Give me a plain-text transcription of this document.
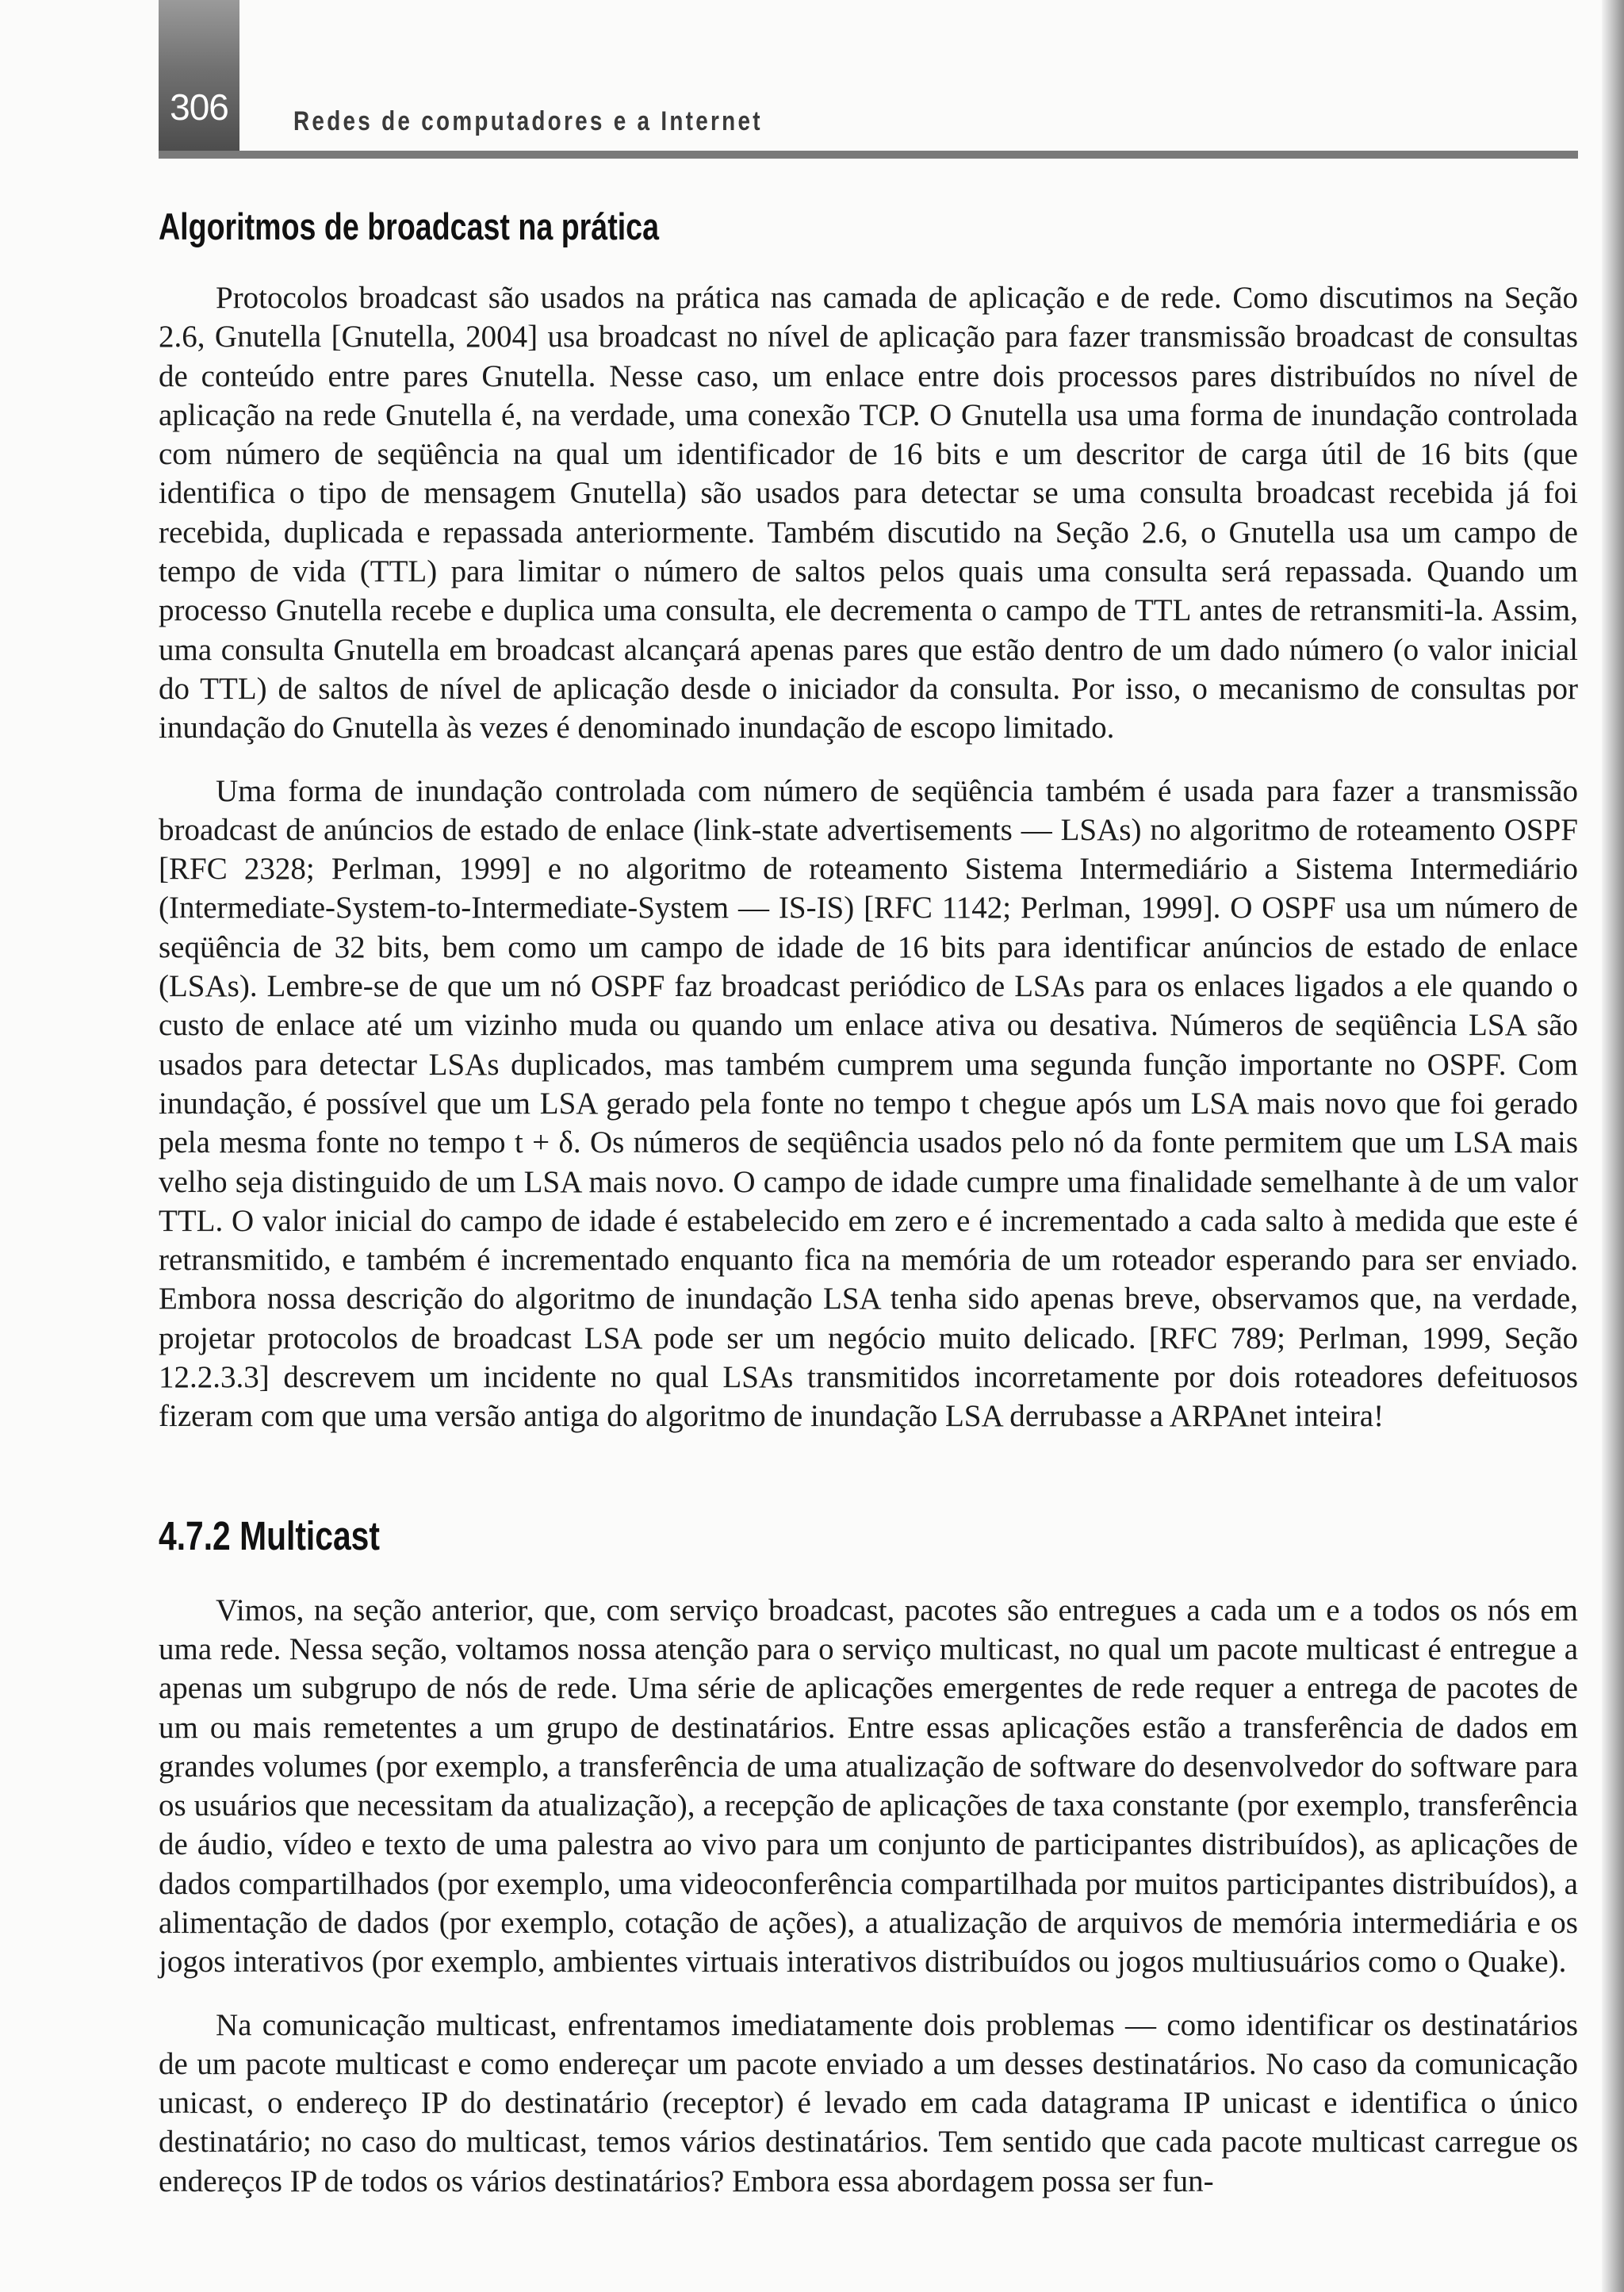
306 Redes de computadores e a Internet
Algoritmos de broadcast na prática

Protocolos broadcast são usados na prática nas camada de aplicação e de rede. Como discutimos na Seção 2.6, Gnutella [Gnutella, 2004] usa broadcast no nível de aplicação para fazer transmissão broadcast de consultas de conteúdo entre pares Gnutella. Nesse caso, um enlace entre dois processos pares distribuídos no nível de aplicação na rede Gnutella é, na verdade, uma conexão TCP. O Gnutella usa uma forma de inundação controlada com número de seqüência na qual um identificador de 16 bits e um descritor de carga útil de 16 bits (que identifica o tipo de mensagem Gnutella) são usados para detectar se uma consulta broadcast recebida já foi recebida, duplicada e repassada anteriormente. Também discutido na Seção 2.6, o Gnutella usa um campo de tempo de vida (TTL) para limitar o número de saltos pelos quais uma consulta será repassada. Quando um processo Gnutella recebe e duplica uma consulta, ele decrementa o campo de TTL antes de retransmiti-la. Assim, uma consulta Gnutella em broadcast alcançará apenas pares que estão dentro de um dado número (o valor inicial do TTL) de saltos de nível de aplicação desde o iniciador da consulta. Por isso, o mecanismo de consultas por inundação do Gnutella às vezes é denominado inundação de escopo limitado.

Uma forma de inundação controlada com número de seqüência também é usada para fazer a transmissão broadcast de anúncios de estado de enlace (link-state advertisements — LSAs) no algoritmo de roteamento OSPF [RFC 2328; Perlman, 1999] e no algoritmo de roteamento Sistema Intermediário a Sistema Intermediário (Intermediate-System-to-Intermediate-System — IS-IS) [RFC 1142; Perlman, 1999]. O OSPF usa um número de seqüência de 32 bits, bem como um campo de idade de 16 bits para identificar anúncios de estado de enlace (LSAs). Lembre-se de que um nó OSPF faz broadcast periódico de LSAs para os enlaces ligados a ele quando o custo de enlace até um vizinho muda ou quando um enlace ativa ou desativa. Números de seqüência LSA são usados para detectar LSAs duplicados, mas também cumprem uma segunda função importante no OSPF. Com inundação, é possível que um LSA gerado pela fonte no tempo t chegue após um LSA mais novo que foi gerado pela mesma fonte no tempo t + δ. Os números de seqüência usados pelo nó da fonte permitem que um LSA mais velho seja distinguido de um LSA mais novo. O campo de idade cumpre uma finalidade semelhante à de um valor TTL. O valor inicial do campo de idade é estabelecido em zero e é incrementado a cada salto à medida que este é retransmitido, e também é incrementado enquanto fica na memória de um roteador esperando para ser enviado. Embora nossa descrição do algoritmo de inundação LSA tenha sido apenas breve, observamos que, na verdade, projetar protocolos de broadcast LSA pode ser um negócio muito delicado. [RFC 789; Perlman, 1999, Seção 12.2.3.3] descrevem um incidente no qual LSAs transmitidos incorretamente por dois roteadores defeituosos fizeram com que uma versão antiga do algoritmo de inundação LSA derrubasse a ARPAnet inteira!

4.7.2 Multicast

Vimos, na seção anterior, que, com serviço broadcast, pacotes são entregues a cada um e a todos os nós em uma rede. Nessa seção, voltamos nossa atenção para o serviço multicast, no qual um pacote multicast é entregue a apenas um subgrupo de nós de rede. Uma série de aplicações emergentes de rede requer a entrega de pacotes de um ou mais remetentes a um grupo de destinatários. Entre essas aplicações estão a transferência de dados em grandes volumes (por exemplo, a transferência de uma atualização de software do desenvolvedor do software para os usuários que necessitam da atualização), a recepção de aplicações de taxa constante (por exemplo, transferência de áudio, vídeo e texto de uma palestra ao vivo para um conjunto de participantes distribuídos), as aplicações de dados compartilhados (por exemplo, uma videoconferência compartilhada por muitos participantes distribuídos), a alimentação de dados (por exemplo, cotação de ações), a atualização de arquivos de memória intermediária e os jogos interativos (por exemplo, ambientes virtuais interativos distribuídos ou jogos multiusuários como o Quake).

Na comunicação multicast, enfrentamos imediatamente dois problemas — como identificar os destinatários de um pacote multicast e como endereçar um pacote enviado a um desses destinatários. No caso da comunicação unicast, o endereço IP do destinatário (receptor) é levado em cada datagrama IP unicast e identifica o único destinatário; no caso do multicast, temos vários destinatários. Tem sentido que cada pacote multicast carregue os endereços IP de todos os vários destinatários? Embora essa abordagem possa ser fun-
